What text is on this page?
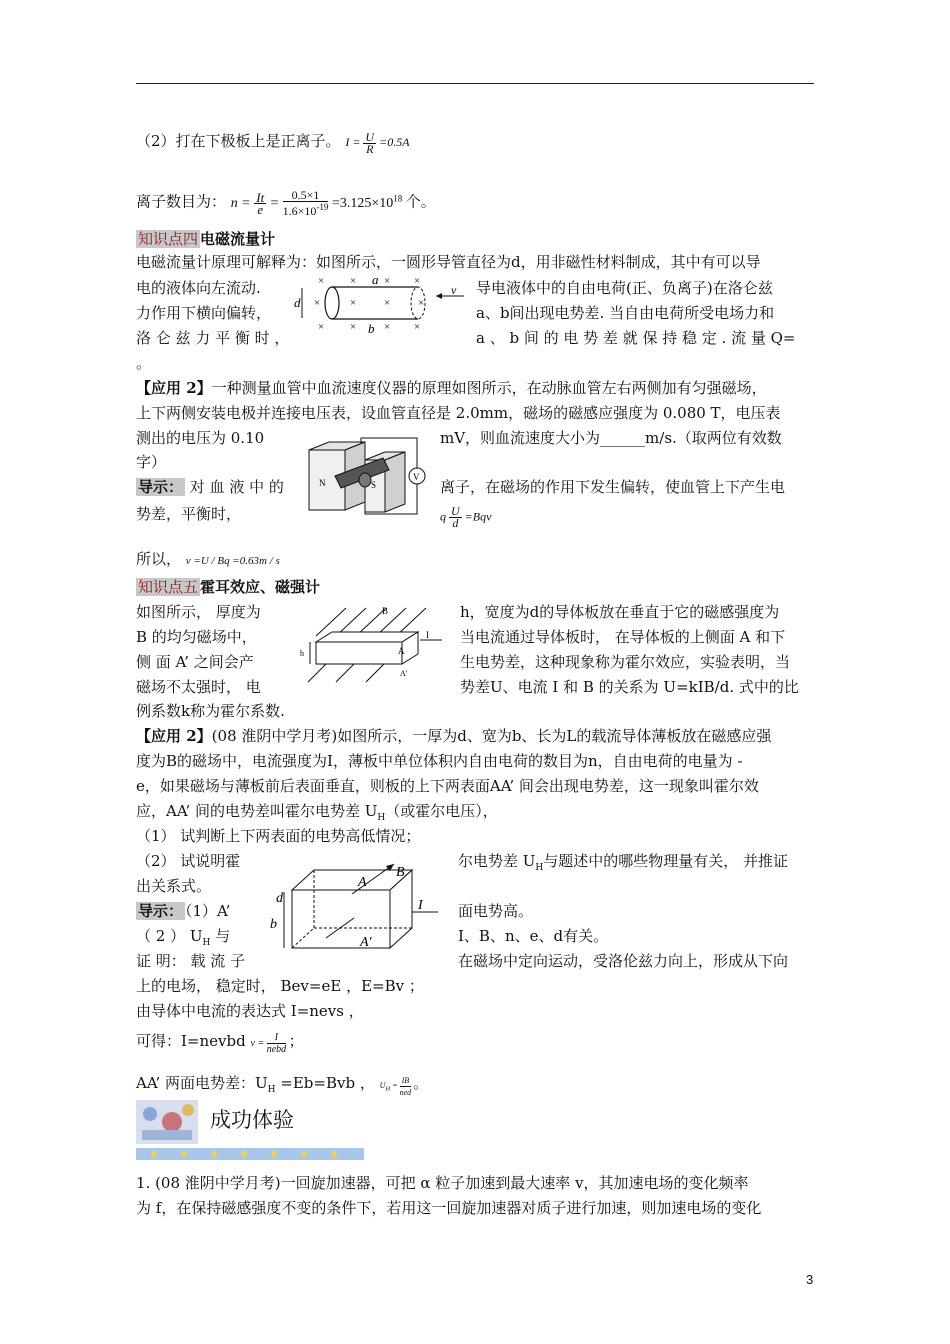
（2）打在下极板上是正离子。 $I = \frac{U}{R} =0.5A$
离子数目为： $n = \frac{It}{e} = \frac{0.5\times 1}{1.6\times 10^{-19}} =3.125\times 10^{18}$ 个。
知识点四 电磁流量计
电磁流量计原理可解释为：如图所示，一圆形导管直径为d，用非磁性材料制成，其中有可以导
电的液体向左流动.	导电液体中的自由电荷(正、负离子)在洛仑兹
力作用下横向偏转，	a、b间出现电势差. 当自由电荷所受电场力和
洛 仑 兹 力 平 衡 时 ，	a 、 b 间 的 电 势 差 就 保 持 稳 定 . 流 量 Q=
。
× ×	× ×
× ×	× ×
×	×	×	×
d
a
b
v
【应用 2】一种测量血管中血流速度仪器的原理如图所示，在动脉血管左右两侧加有匀强磁场，
上下两侧安装电极并连接电压表，设血管直径是 2.0mm，磁场的磁感应强度为 0.080 T，电压表
测出的电压为 0.10	mV，则血流速度大小为______m/s.（取两位有效数
字）
导示： 对 血 液 中 的	离子，在磁场的作用下发生偏转，使血管上下产生电
势差，平衡时，	q $\frac{U}{d} =Bqv$
所以， v =U / Bq =0.63m / s
N	S
V
知识点五 霍耳效应、磁强计
如图所示， 厚度为	h，宽度为d的导体板放在垂直于它的磁感强度为
B 的均匀磁场中，	当电流通过导体板时， 在导体板的上侧面 A 和下
侧 面 A’ 之间会产	生电势差，这种现象称为霍尔效应，实验表明，当
磁场不太强时， 电	势差U、电流 I 和 B 的关系为 U=kIB/d. 式中的比
例系数k称为霍尔系数.
B
A
I
h
A'
【应用 2】(08 淮阴中学月考)如图所示，一厚为d、宽为b、长为L的载流导体薄板放在磁感应强
度为B的磁场中，电流强度为I，薄板中单位体积内自由电荷的数目为n，自由电荷的电量为 -
e，如果磁场与薄板前后表面垂直，则板的上下两表面AA’ 间会出现电势差，这一现象叫霍尔效
应，AA’ 间的电势差叫霍尔电势差 $U_H$（或霍尔电压），
（1） 试判断上下两表面的电势高低情况；
（2） 试说明霍	尔电势差 $U_H$与题述中的哪些物理量有关， 并推证
出关系式。
导示： （1）A’	面电势高。
（ 2 ） $U_H$ 与	I、B、n、e、d有关。
证 明： 载 流 子	在磁场中定向运动，受洛伦兹力向上，形成从下向
上的电场， 稳定时， Bev=eE ，E=Bv ；
由导体中电流的表达式 I=nevs ，
可得：I=nevbd $v = \frac{I}{\text{nebd}}$ ；
AA’ 两面电势差：$U_H =Eb=Bvb$ ， $U_H = \frac{IB}{\text{ned}}$ 。
B
A
I
d
b
A'
成功体验
1. (08 淮阴中学月考)一回旋加速器，可把 α 粒子加速到最大速率 v，其加速电场的变化频率
为 f，在保持磁感强度不变的条件下，若用这一回旋加速器对质子进行加速，则加速电场的变化
3
